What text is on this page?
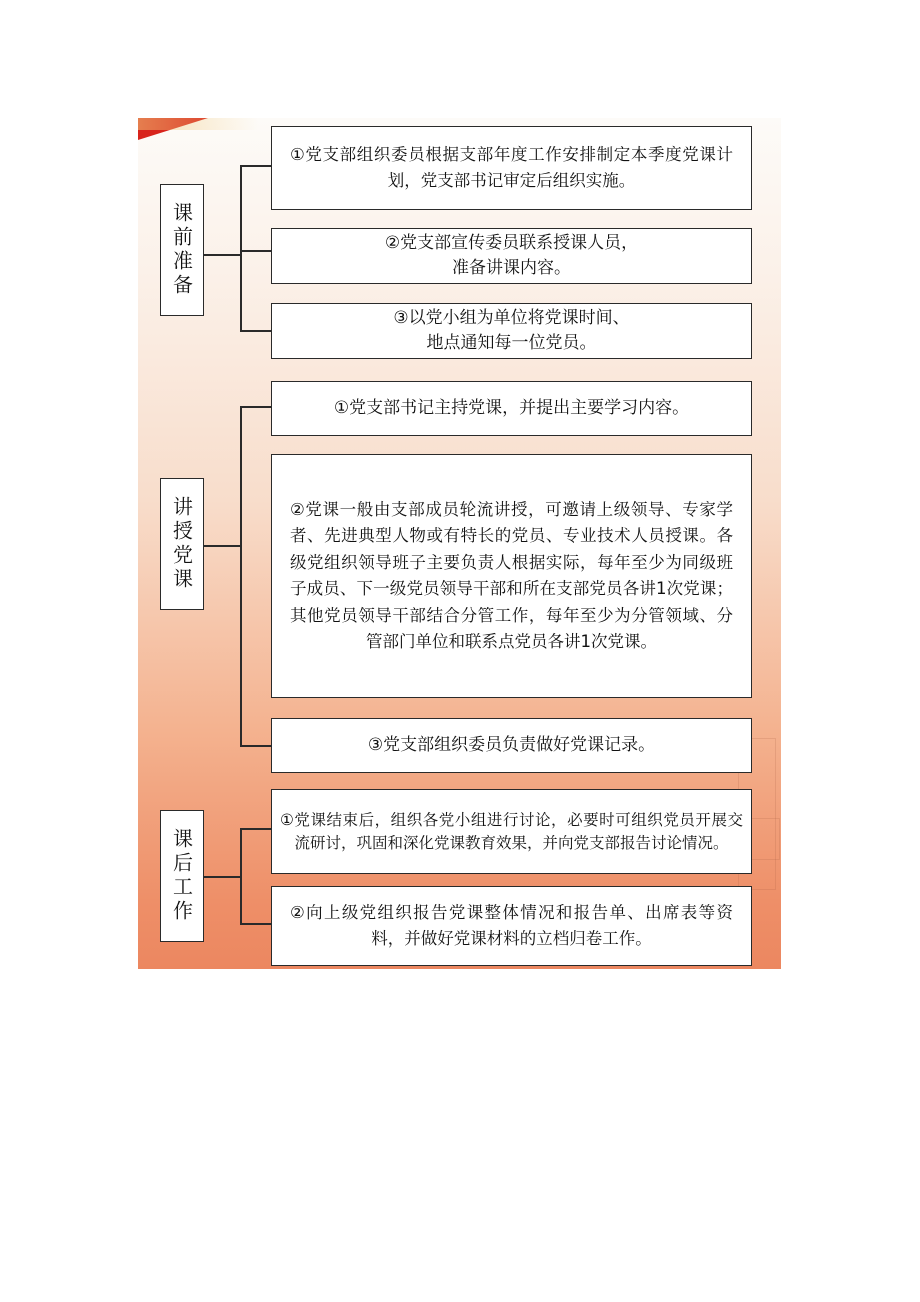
课前准备
①党支部组织委员根据支部年度工作安排制定本季度党课计划，党支部书记审定后组织实施。
②党支部宣传委员联系授课人员，
准备讲课内容。
③以党小组为单位将党课时间、
地点通知每一位党员。
讲授党课
①党支部书记主持党课，并提出主要学习内容。
②党课一般由支部成员轮流讲授，可邀请上级领导、专家学者、先进典型人物或有特长的党员、专业技术人员授课。各级党组织领导班子主要负责人根据实际，每年至少为同级班子成员、下一级党员领导干部和所在支部党员各讲1次党课；其他党员领导干部结合分管工作，每年至少为分管领域、分管部门单位和联系点党员各讲1次党课。
③党支部组织委员负责做好党课记录。
课后工作
①党课结束后，组织各党小组进行讨论，必要时可组织党员开展交流研讨，巩固和深化党课教育效果，并向党支部报告讨论情况。
②向上级党组织报告党课整体情况和报告单、出席表等资料，并做好党课材料的立档归卷工作。
